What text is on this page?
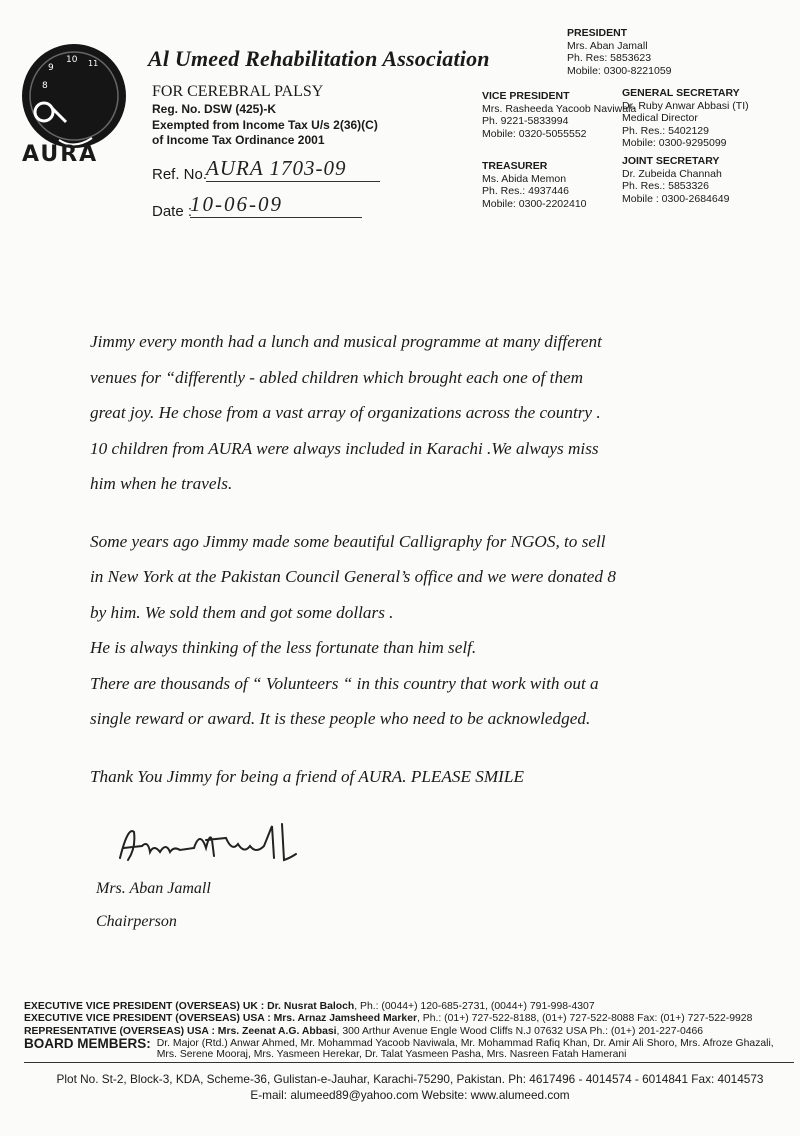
9
10 11
8
AURA
Al Umeed Rehabilitation Association
FOR CEREBRAL PALSY
Reg. No. DSW (425)-K
Exempted from Income Tax U/s 2(36)(C)
of Income Tax Ordinance 2001
Ref. No.
AURA 1703-09
Date :
10-06-09
PRESIDENT
Mrs. Aban Jamall
Ph. Res: 5853623
Mobile: 0300-8221059
VICE PRESIDENT
Mrs. Rasheeda Yacoob Naviwala
Ph. 9221-5833994
Mobile: 0320-5055552
GENERAL SECRETARY
Dr. Ruby Anwar Abbasi (TI)
Medical Director
Ph. Res.: 5402129
Mobile: 0300-9295099
TREASURER
Ms. Abida Memon
Ph. Res.: 4937446
Mobile: 0300-2202410
JOINT SECRETARY
Dr. Zubeida Channah
Ph. Res.: 5853326
Mobile : 0300-2684649

Jimmy every month had a lunch and musical programme at many different

venues for “differently - abled children which brought each one of them

great joy. He chose from a vast array of organizations across the country .

10 children from AURA were always included in Karachi .We always miss

him when he travels.

Some years ago Jimmy made some beautiful Calligraphy for NGOS, to sell

in New York at the Pakistan Council General’s office and we were donated 8

by him. We sold them and got some dollars .

He is always thinking of the less fortunate than him self.

There are thousands of “ Volunteers “ in this country that work with out a

single reward or award. It is these people who need to be acknowledged.

Thank You Jimmy for being a friend of AURA. PLEASE SMILE

Mrs. Aban Jamall
Chairperson
EXECUTIVE VICE PRESIDENT (OVERSEAS) UK : Dr. Nusrat Baloch, Ph.: (0044+) 120-685-2731, (0044+) 791-998-4307
EXECUTIVE VICE PRESIDENT (OVERSEAS) USA : Mrs. Arnaz Jamsheed Marker, Ph.: (01+) 727-522-8188, (01+) 727-522-8088 Fax: (01+) 727-522-9928
REPRESENTATIVE (OVERSEAS) USA : Mrs. Zeenat A.G. Abbasi, 300 Arthur Avenue Engle Wood Cliffs N.J 07632 USA Ph.: (01+) 201-227-0466
BOARD MEMBERS: Dr. Major (Rtd.) Anwar Ahmed, Mr. Mohammad Yacoob Naviwala, Mr. Mohammad Rafiq Khan, Dr. Amir Ali Shoro, Mrs. Afroze Ghazali,
Mrs. Serene Mooraj, Mrs. Yasmeen Herekar, Dr. Talat Yasmeen Pasha, Mrs. Nasreen Fatah Hamerani
Plot No. St-2, Block-3, KDA, Scheme-36, Gulistan-e-Jauhar, Karachi-75290, Pakistan. Ph: 4617496 - 4014574 - 6014841 Fax: 4014573
E-mail: alumeed89@yahoo.com Website: www.alumeed.com
